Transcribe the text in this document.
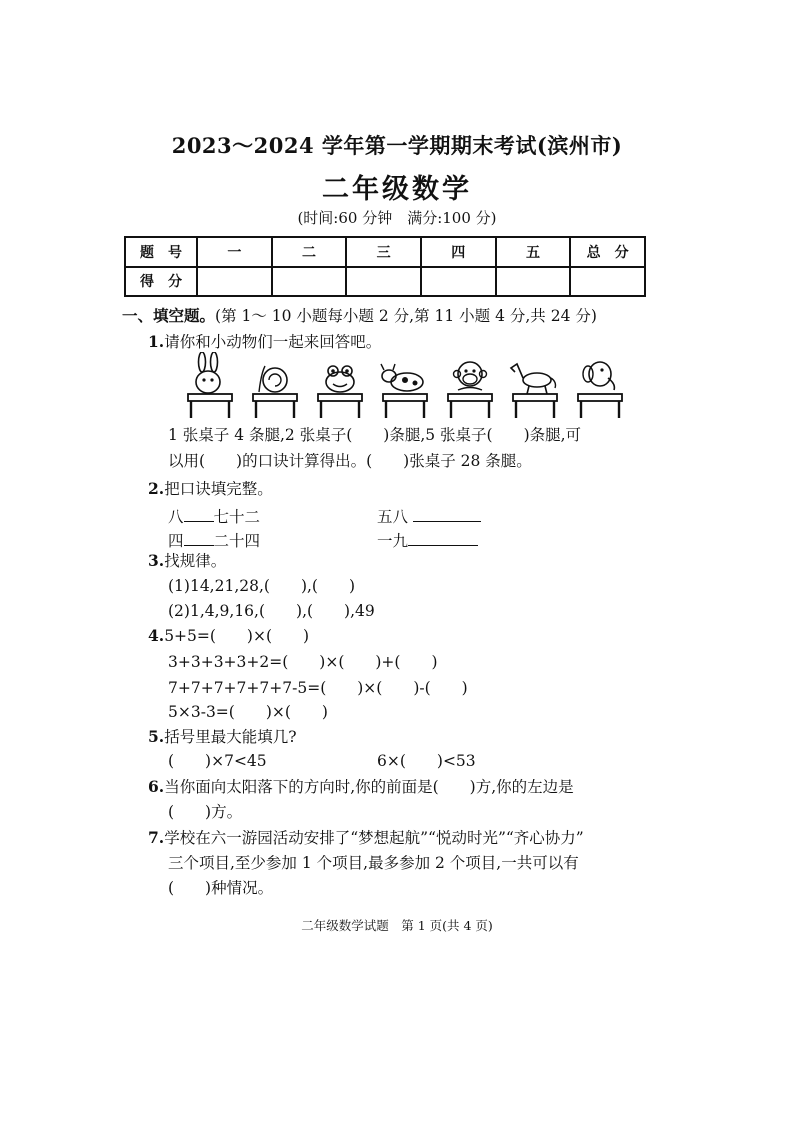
2023～2024 学年第一学期期末考试(滨州市)
二年级数学
(时间:60 分钟　满分:100 分)
题　号	一	二	三	四	五	总　分
得　分						
一、填空题。(第 1～ 10 小题每小题 2 分,第 11 小题 4 分,共 24 分)
1.请你和小动物们一起来回答吧。
1 张桌子 4 条腿,2 张桌子(　　)条腿,5 张桌子(　　)条腿,可
以用(　　)的口诀计算得出。(　　)张桌子 28 条腿。
2.把口诀填完整。
八 七十二	五八
四 二十四	一九
3.找规律。
(1)14,21,28,(　　),(　　)
(2)1,4,9,16,(　　),(　　),49
4.5+5=(　　)×(　　)
3+3+3+3+2=(　　)×(　　)+(　　)
7+7+7+7+7+7-5=(　　)×(　　)-(　　)
5×3-3=(　　)×(　　)
5.括号里最大能填几?
(　　)×7<45	6×(　　)<53
6.当你面向太阳落下的方向时,你的前面是(　　)方,你的左边是
(　　)方。
7.学校在六一游园活动安排了“梦想起航”“悦动时光”“齐心协力”
三个项目,至少参加 1 个项目,最多参加 2 个项目,一共可以有
(　　)种情况。
二年级数学试题　第 1 页(共 4 页)
